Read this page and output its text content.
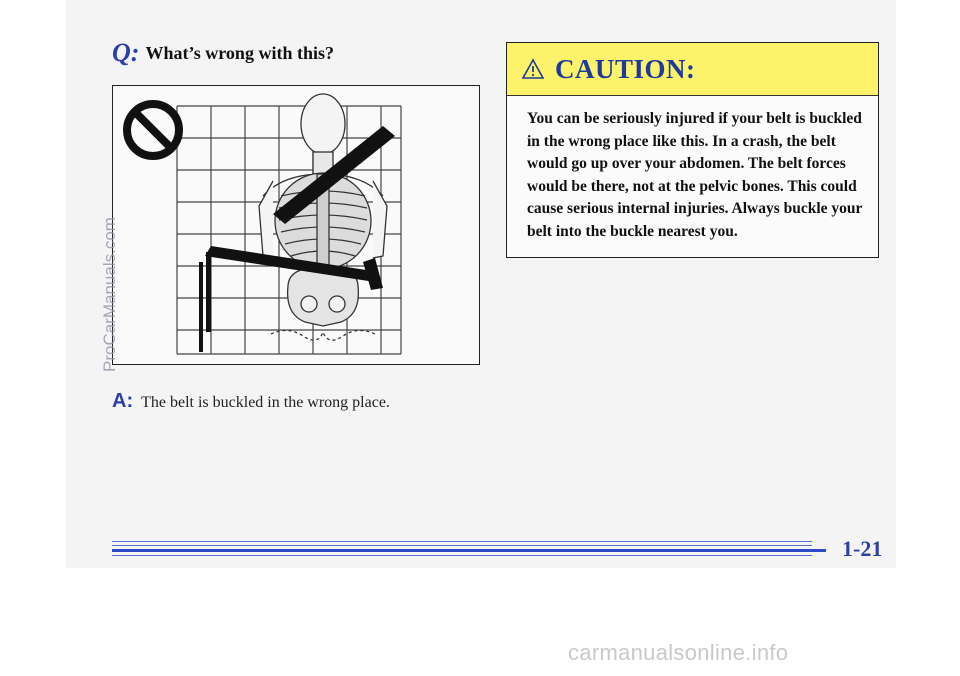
Q: What’s wrong with this?
A: The belt is buckled in the wrong place.
CAUTION:
You can be seriously injured if your belt is buckled in the wrong place like this. In a crash, the belt would go up over your abdomen. The belt forces would be there, not at the pelvic bones. This could cause serious internal injuries. Always buckle your belt into the buckle nearest you.
ProCarManuals.com
1-21
carmanualsonline.info
